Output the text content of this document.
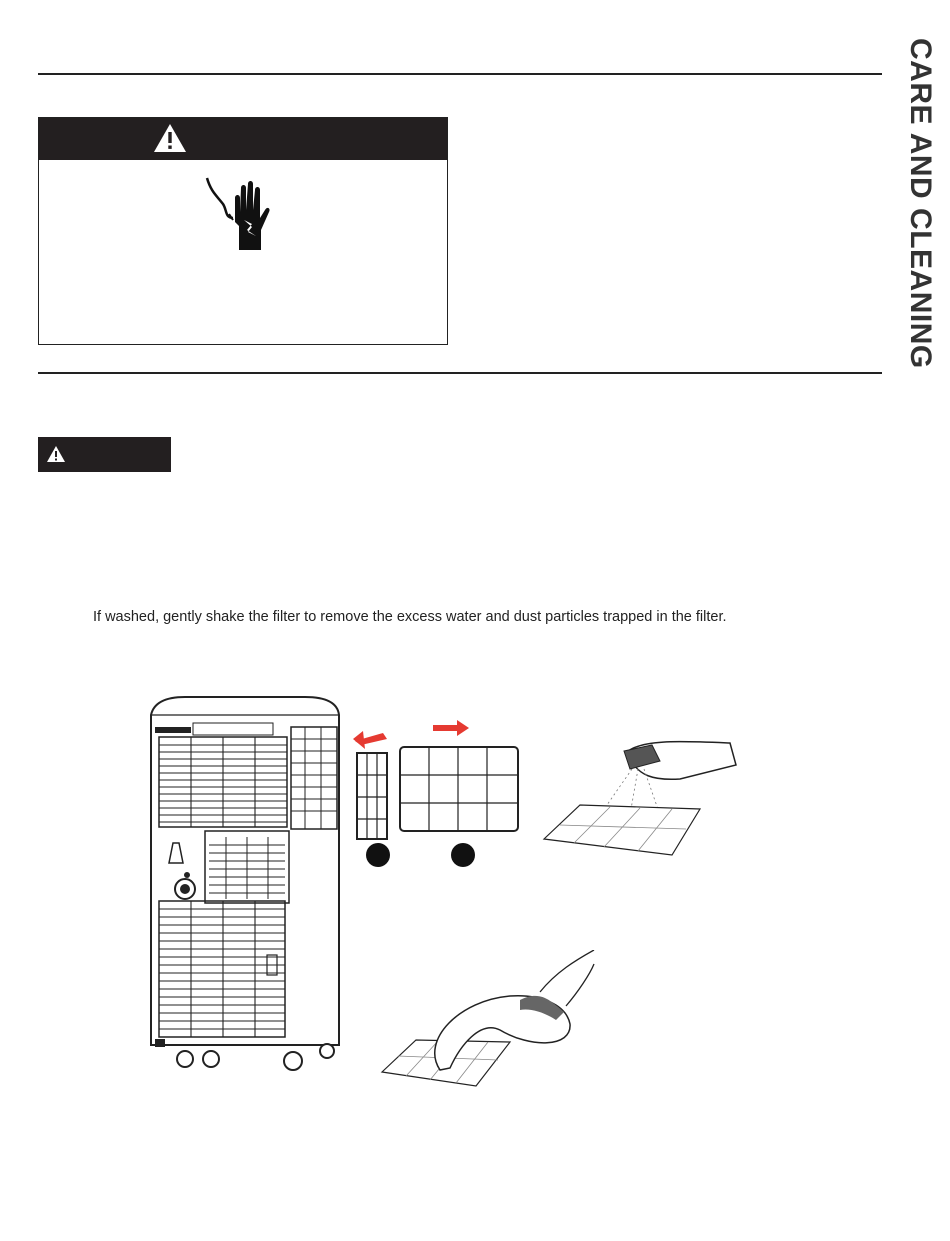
CARE AND CLEANING
If washed, gently shake the filter to remove the excess water and dust particles trapped in the filter.
